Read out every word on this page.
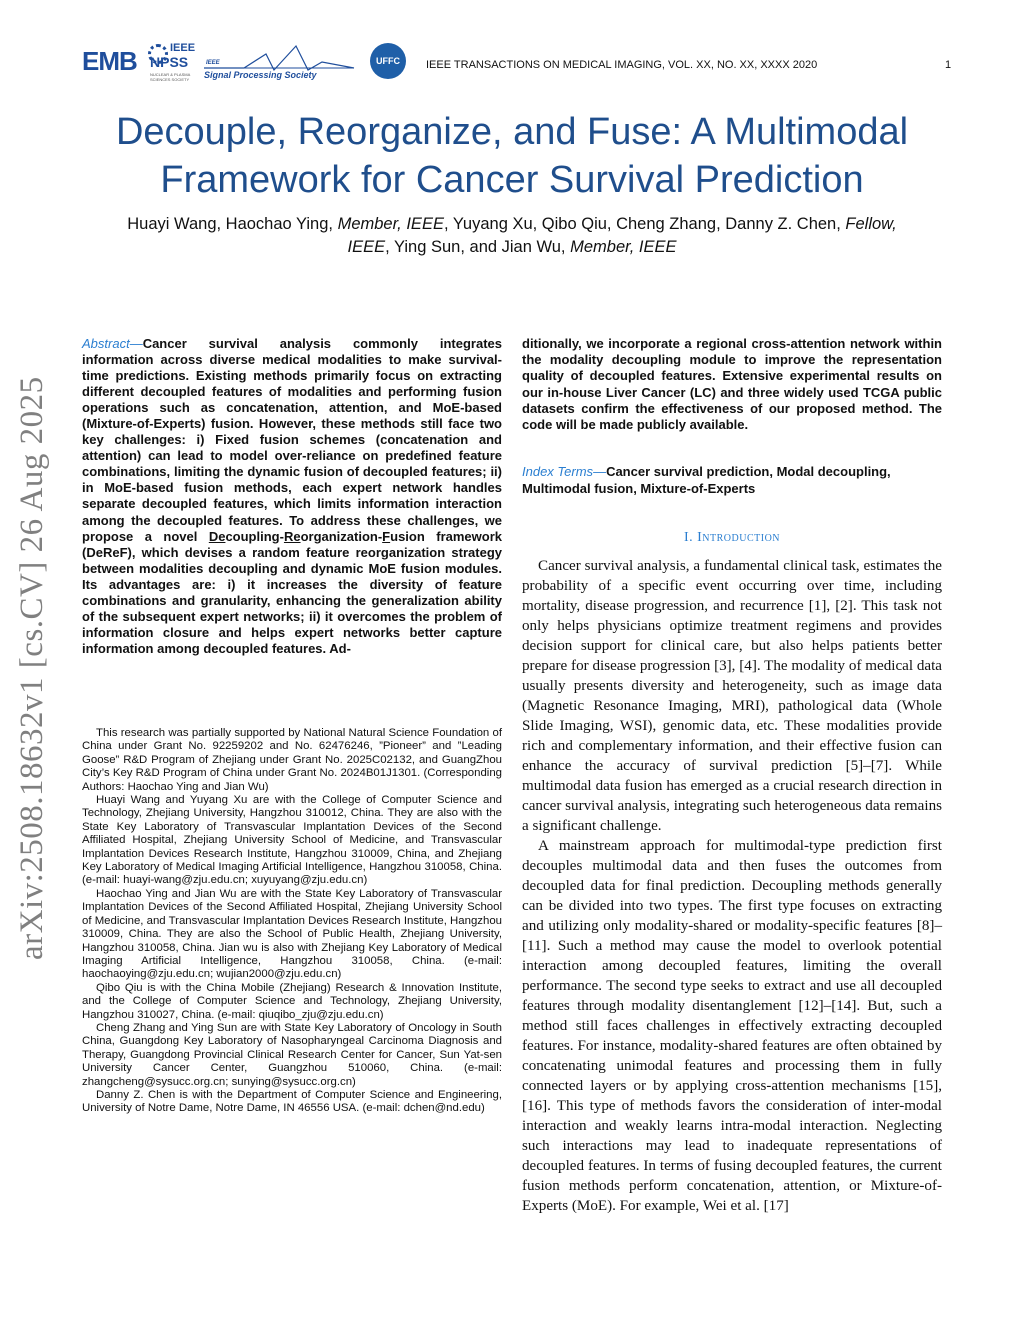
EMB	IEEE
NPSS
NUCLEAR & PLASMA SCIENCES SOCIETY
IEEE
Signal Processing Society
UFFC	IEEE TRANSACTIONS ON MEDICAL IMAGING, VOL. XX, NO. XX, XXXX 2020	1
Decouple, Reorganize, and Fuse: A Multimodal
Framework for Cancer Survival Prediction
Huayi Wang, Haochao Ying, Member, IEEE, Yuyang Xu, Qibo Qiu, Cheng Zhang, Danny Z. Chen, Fellow,
IEEE, Ying Sun, and Jian Wu, Member, IEEE
arXiv:2508.18632v1 [cs.CV] 26 Aug 2025
Abstract—Cancer survival analysis commonly integrates information across diverse medical modalities to make survival-time predictions. Existing methods primarily focus on extracting different decoupled features of modalities and performing fusion operations such as concatenation, attention, and MoE-based (Mixture-of-Experts) fusion. However, these methods still face two key challenges: i) Fixed fusion schemes (concatenation and attention) can lead to model over-reliance on predefined feature combinations, limiting the dynamic fusion of decoupled features; ii) in MoE-based fusion methods, each expert network handles separate decoupled features, which limits information interaction among the decoupled features. To address these challenges, we propose a novel Decoupling-Reorganization-Fusion framework (DeReF), which devises a random feature reorganization strategy between modalities decoupling and dynamic MoE fusion modules. Its advantages are: i) it increases the diversity of feature combinations and granularity, enhancing the generalization ability of the subsequent expert networks; ii) it overcomes the problem of information closure and helps expert networks better capture information among decoupled features. Ad-
ditionally, we incorporate a regional cross-attention network within the modality decoupling module to improve the representation quality of decoupled features. Extensive experimental results on our in-house Liver Cancer (LC) and three widely used TCGA public datasets confirm the effectiveness of our proposed method. The code will be made publicly available.
Index Terms—Cancer survival prediction, Modal decoupling, Multimodal fusion, Mixture-of-Experts

This research was partially supported by National Natural Science Foundation of China under Grant No. 92259202 and No. 62476246, ”Pioneer” and ”Leading Goose” R&D Program of Zhejiang under Grant No. 2025C02132, and GuangZhou City’s Key R&D Program of China under Grant No. 2024B01J1301. (Corresponding Authors: Haochao Ying and Jian Wu)

Huayi Wang and Yuyang Xu are with the College of Computer Science and Technology, Zhejiang University, Hangzhou 310012, China. They are also with the State Key Laboratory of Transvascular Implantation Devices of the Second Affiliated Hospital, Zhejiang University School of Medicine, and Transvascular Implantation Devices Research Institute, Hangzhou 310009, China, and Zhejiang Key Laboratory of Medical Imaging Artificial Intelligence, Hangzhou 310058, China. (e-mail: huayi-wang@zju.edu.cn; xuyuyang@zju.edu.cn)

Haochao Ying and Jian Wu are with the State Key Laboratory of Transvascular Implantation Devices of the Second Affiliated Hospital, Zhejiang University School of Medicine, and Transvascular Implantation Devices Research Institute, Hangzhou 310009, China. They are also the School of Public Health, Zhejiang University, Hangzhou 310058, China. Jian wu is also with Zhejiang Key Laboratory of Medical Imaging Artificial Intelligence, Hangzhou 310058, China. (e-mail: haochaoying@zju.edu.cn; wujian2000@zju.edu.cn)

Qibo Qiu is with the China Mobile (Zhejiang) Research & Innovation Institute, and the College of Computer Science and Technology, Zhejiang University, Hangzhou 310027, China. (e-mail: qiuqibo_zju@zju.edu.cn)

Cheng Zhang and Ying Sun are with State Key Laboratory of Oncology in South China, Guangdong Key Laboratory of Nasopharyngeal Carcinoma Diagnosis and Therapy, Guangdong Provincial Clinical Research Center for Cancer, Sun Yat-sen University Cancer Center, Guangzhou 510060, China. (e-mail: zhangcheng@sysucc.org.cn; sunying@sysucc.org.cn)

Danny Z. Chen is with the Department of Computer Science and Engineering, University of Notre Dame, Notre Dame, IN 46556 USA. (e-mail: dchen@nd.edu)

I. Introduction

Cancer survival analysis, a fundamental clinical task, estimates the probability of a specific event occurring over time, including mortality, disease progression, and recurrence [1], [2]. This task not only helps physicians optimize treatment regimens and provides decision support for clinical care, but also helps patients better prepare for disease progression [3], [4]. The modality of medical data usually presents diversity and heterogeneity, such as image data (Magnetic Resonance Imaging, MRI), pathological data (Whole Slide Imaging, WSI), genomic data, etc. These modalities provide rich and complementary information, and their effective fusion can enhance the accuracy of survival prediction [5]–[7]. While multimodal data fusion has emerged as a crucial research direction in cancer survival analysis, integrating such heterogeneous data remains a significant challenge.

A mainstream approach for multimodal-type prediction first decouples multimodal data and then fuses the outcomes from decoupled data for final prediction. Decoupling methods generally can be divided into two types. The first type focuses on extracting and utilizing only modality-shared or modality-specific features [8]–[11]. Such a method may cause the model to overlook potential interaction among decoupled features, limiting the overall performance. The second type seeks to extract and use all decoupled features through modality disentanglement [12]–[14]. But, such a method still faces challenges in effectively extracting decoupled features. For instance, modality-shared features are often obtained by concatenating unimodal features and processing them in fully connected layers or by applying cross-attention mechanisms [15], [16]. This type of methods favors the consideration of inter-modal interaction and weakly learns intra-modal interaction. Neglecting such interactions may lead to inadequate representations of decoupled features. In terms of fusing decoupled features, the current fusion methods perform concatenation, attention, or Mixture-of-Experts (MoE). For example, Wei et al. [17]
